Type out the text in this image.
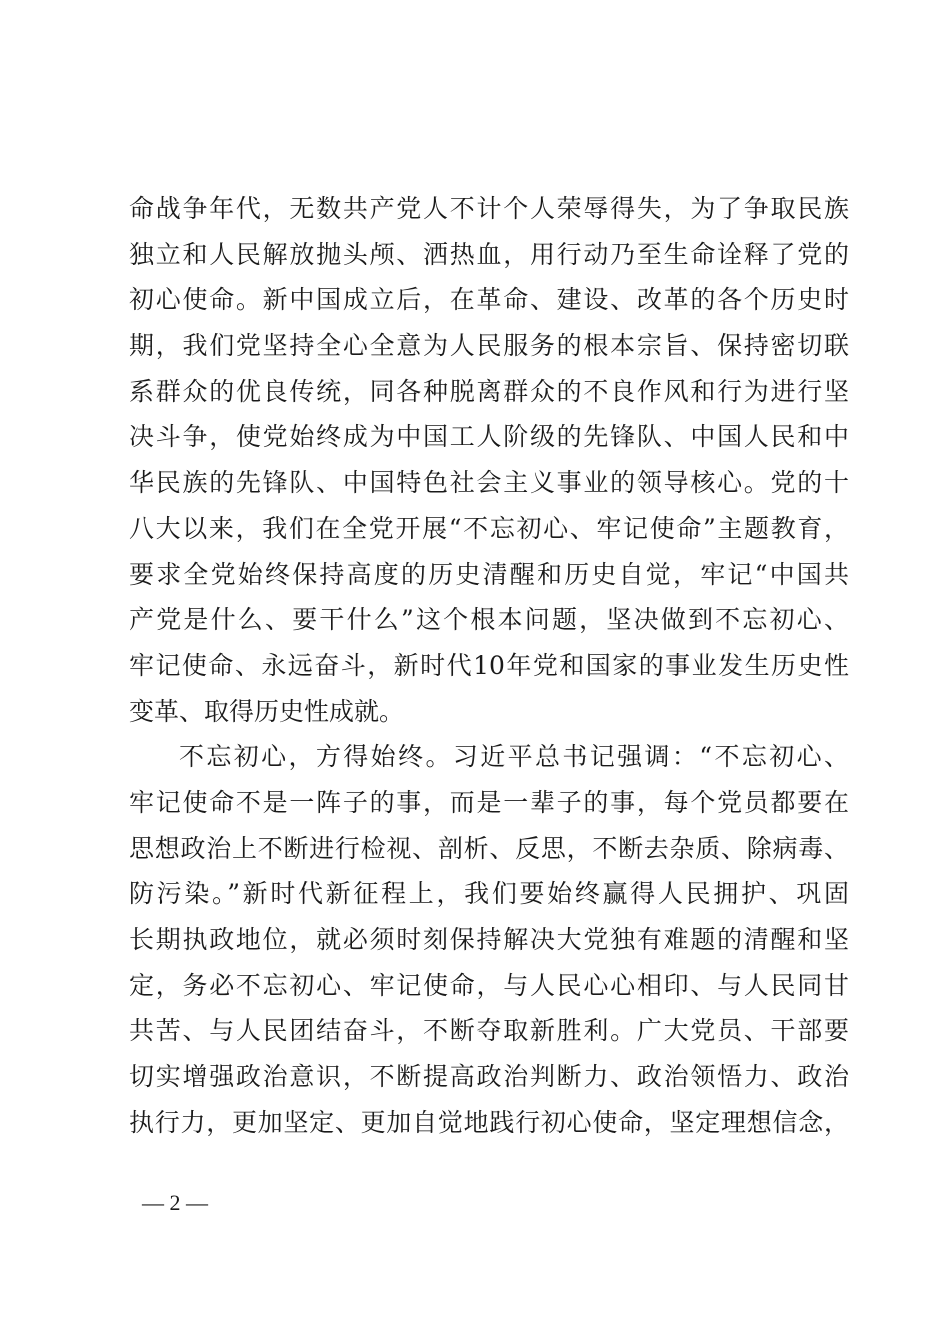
命战争年代，无数共产党人不计个人荣辱得失，为了争取民族
独立和人民解放抛头颅、洒热血，用行动乃至生命诠释了党的
初心使命。新中国成立后，在革命、建设、改革的各个历史时
期，我们党坚持全心全意为人民服务的根本宗旨、保持密切联
系群众的优良传统，同各种脱离群众的不良作风和行为进行坚
决斗争，使党始终成为中国工人阶级的先锋队、中国人民和中
华民族的先锋队、中国特色社会主义事业的领导核心。党的十
八大以来，我们在全党开展“不忘初心、牢记使命”主题教育，
要求全党始终保持高度的历史清醒和历史自觉，牢记“中国共
产党是什么、要干什么”这个根本问题，坚决做到不忘初心、
牢记使命、永远奋斗，新时代10年党和国家的事业发生历史性
变革、取得历史性成就。
不忘初心，方得始终。习近平总书记强调：“不忘初心、
牢记使命不是一阵子的事，而是一辈子的事，每个党员都要在
思想政治上不断进行检视、剖析、反思，不断去杂质、除病毒、
防污染。”新时代新征程上，我们要始终赢得人民拥护、巩固
长期执政地位，就必须时刻保持解决大党独有难题的清醒和坚
定，务必不忘初心、牢记使命，与人民心心相印、与人民同甘
共苦、与人民团结奋斗，不断夺取新胜利。广大党员、干部要
切实增强政治意识，不断提高政治判断力、政治领悟力、政治
执行力，更加坚定、更加自觉地践行初心使命，坚定理想信念，
— 2 —
